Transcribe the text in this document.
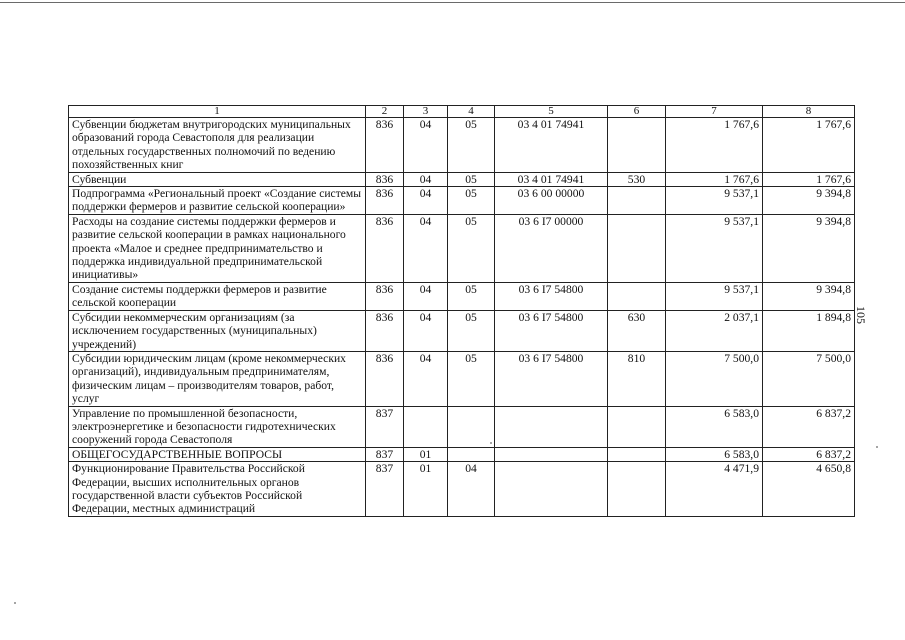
1	2	3	4	5	6	7	8
Субвенции бюджетам внутригородских муниципальных образований города Севастополя для реализации отдельных государственных полномочий по ведению похозяйственных книг	836	04	05	03 4 01 74941		1 767,6	1 767,6
Субвенции	836	04	05	03 4 01 74941	530	1 767,6	1 767,6
Подпрограмма «Региональный проект «Создание системы поддержки фермеров и развитие сельской кооперации»	836	04	05	03 6 00 00000		9 537,1	9 394,8
Расходы на создание системы поддержки фермеров и развитие сельской кооперации в рамках национального проекта «Малое и среднее предпринимательство и поддержка индивидуальной предпринимательской инициативы»	836	04	05	03 6 I7 00000		9 537,1	9 394,8
Создание системы поддержки фермеров и развитие сельской кооперации	836	04	05	03 6 I7 54800		9 537,1	9 394,8
Субсидии некоммерческим организациям (за исключением государственных (муниципальных) учреждений)	836	04	05	03 6 I7 54800	630	2 037,1	1 894,8
Субсидии юридическим лицам (кроме некоммерческих организаций), индивидуальным предпринимателям, физическим лицам – производителям товаров, работ, услуг	836	04	05	03 6 I7 54800	810	7 500,0	7 500,0
Управление по промышленной безопасности, электроэнергетике и безопасности гидротехнических сооружений города Севастополя	837					6 583,0	6 837,2
ОБЩЕГОСУДАРСТВЕННЫЕ ВОПРОСЫ	837	01				6 583,0	6 837,2
Функционирование Правительства Российской Федерации, высших исполнительных органов государственной власти субъектов Российской Федерации, местных администраций	837	01	04			4 471,9	4 650,8
105
